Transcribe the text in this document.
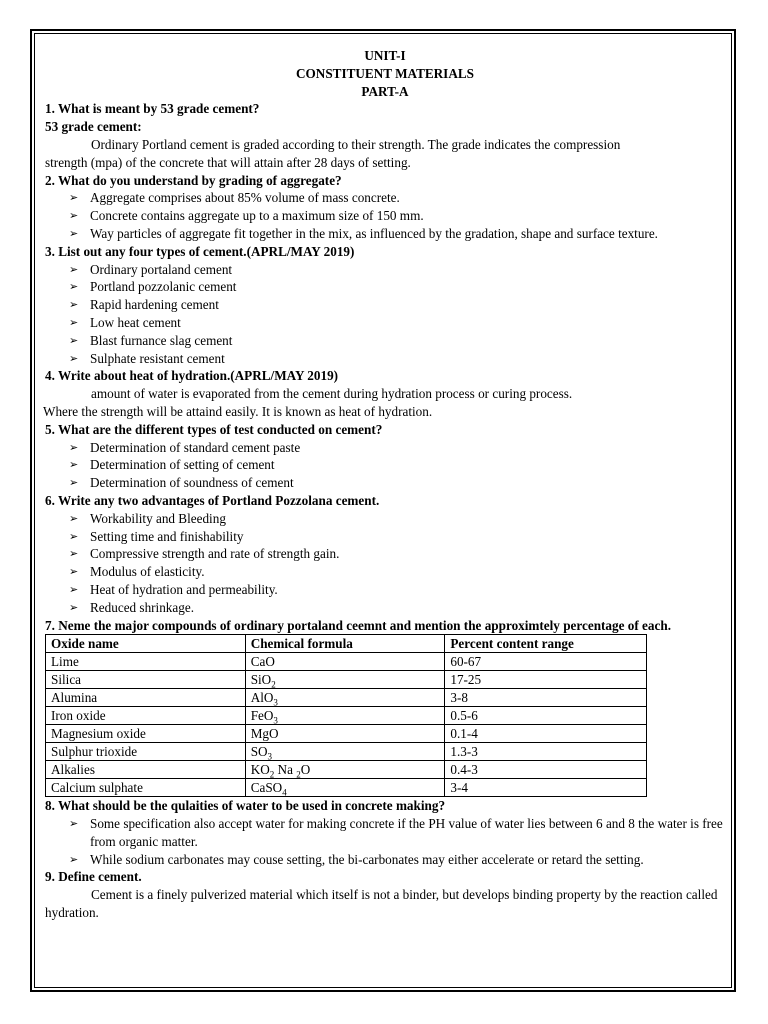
UNIT-I
CONSTITUENT MATERIALS
PART-A

1. What is meant by 53 grade cement?

53 grade cement:

Ordinary Portland cement is graded according to their strength. The grade indicates the compression

strength (mpa) of the concrete that will attain after 28 days of setting.

2. What do you understand by grading of aggregate?

➢ Aggregate comprises about 85% volume of mass concrete.
➢ Concrete contains aggregate up to a maximum size of 150 mm.
➢ Way particles of aggregate fit together in the mix, as influenced by the gradation, shape and surface texture.

3. List out any four types of cement.(APRL/MAY 2019)

➢ Ordinary portaland cement
➢ Portland pozzolanic cement
➢ Rapid hardening cement
➢ Low heat cement
➢ Blast furnance slag cement
➢ Sulphate resistant cement

4. Write about heat of hydration.(APRL/MAY 2019)

amount of water is evaporated from the cement during hydration process or curing process.

Where the strength will be attaind easily. It is known as heat of hydration.

5. What are the different types of test conducted on cement?

➢ Determination of standard cement paste
➢ Determination of setting of cement
➢ Determination of soundness of cement

6. Write any two advantages of Portland Pozzolana cement.

➢ Workability and Bleeding
➢ Setting time and finishability
➢ Compressive strength and rate of strength gain.
➢ Modulus of elasticity.
➢ Heat of hydration and permeability.
➢ Reduced shrinkage.

7. Neme the major compounds of ordinary portaland ceemnt and mention the approximtely percentage of each.

Oxide name	Chemical formula	Percent content range
Lime	CaO	60-67
Silica	SiO$_2$	17-25
Alumina	AlO$_3$	3-8
Iron oxide	FeO$_3$	0.5-6
Magnesium oxide	MgO	0.1-4
Sulphur trioxide	$SO_3$	1.3-3
Alkalies	$KO_2$ Na $_2$O	0.4-3
Calcium sulphate	CaSO$_4$	3-4

8. What should be the qulaities of water to be used in concrete making?

➢ Some specification also accept water for making concrete if the PH value of water lies between 6 and 8 the water is free from organic matter.
➢ While sodium carbonates may couse setting, the bi-carbonates may either accelerate or retard the setting.

9. Define cement.

Cement is a finely pulverized material which itself is not a binder, but develops binding property by the reaction called hydration.
